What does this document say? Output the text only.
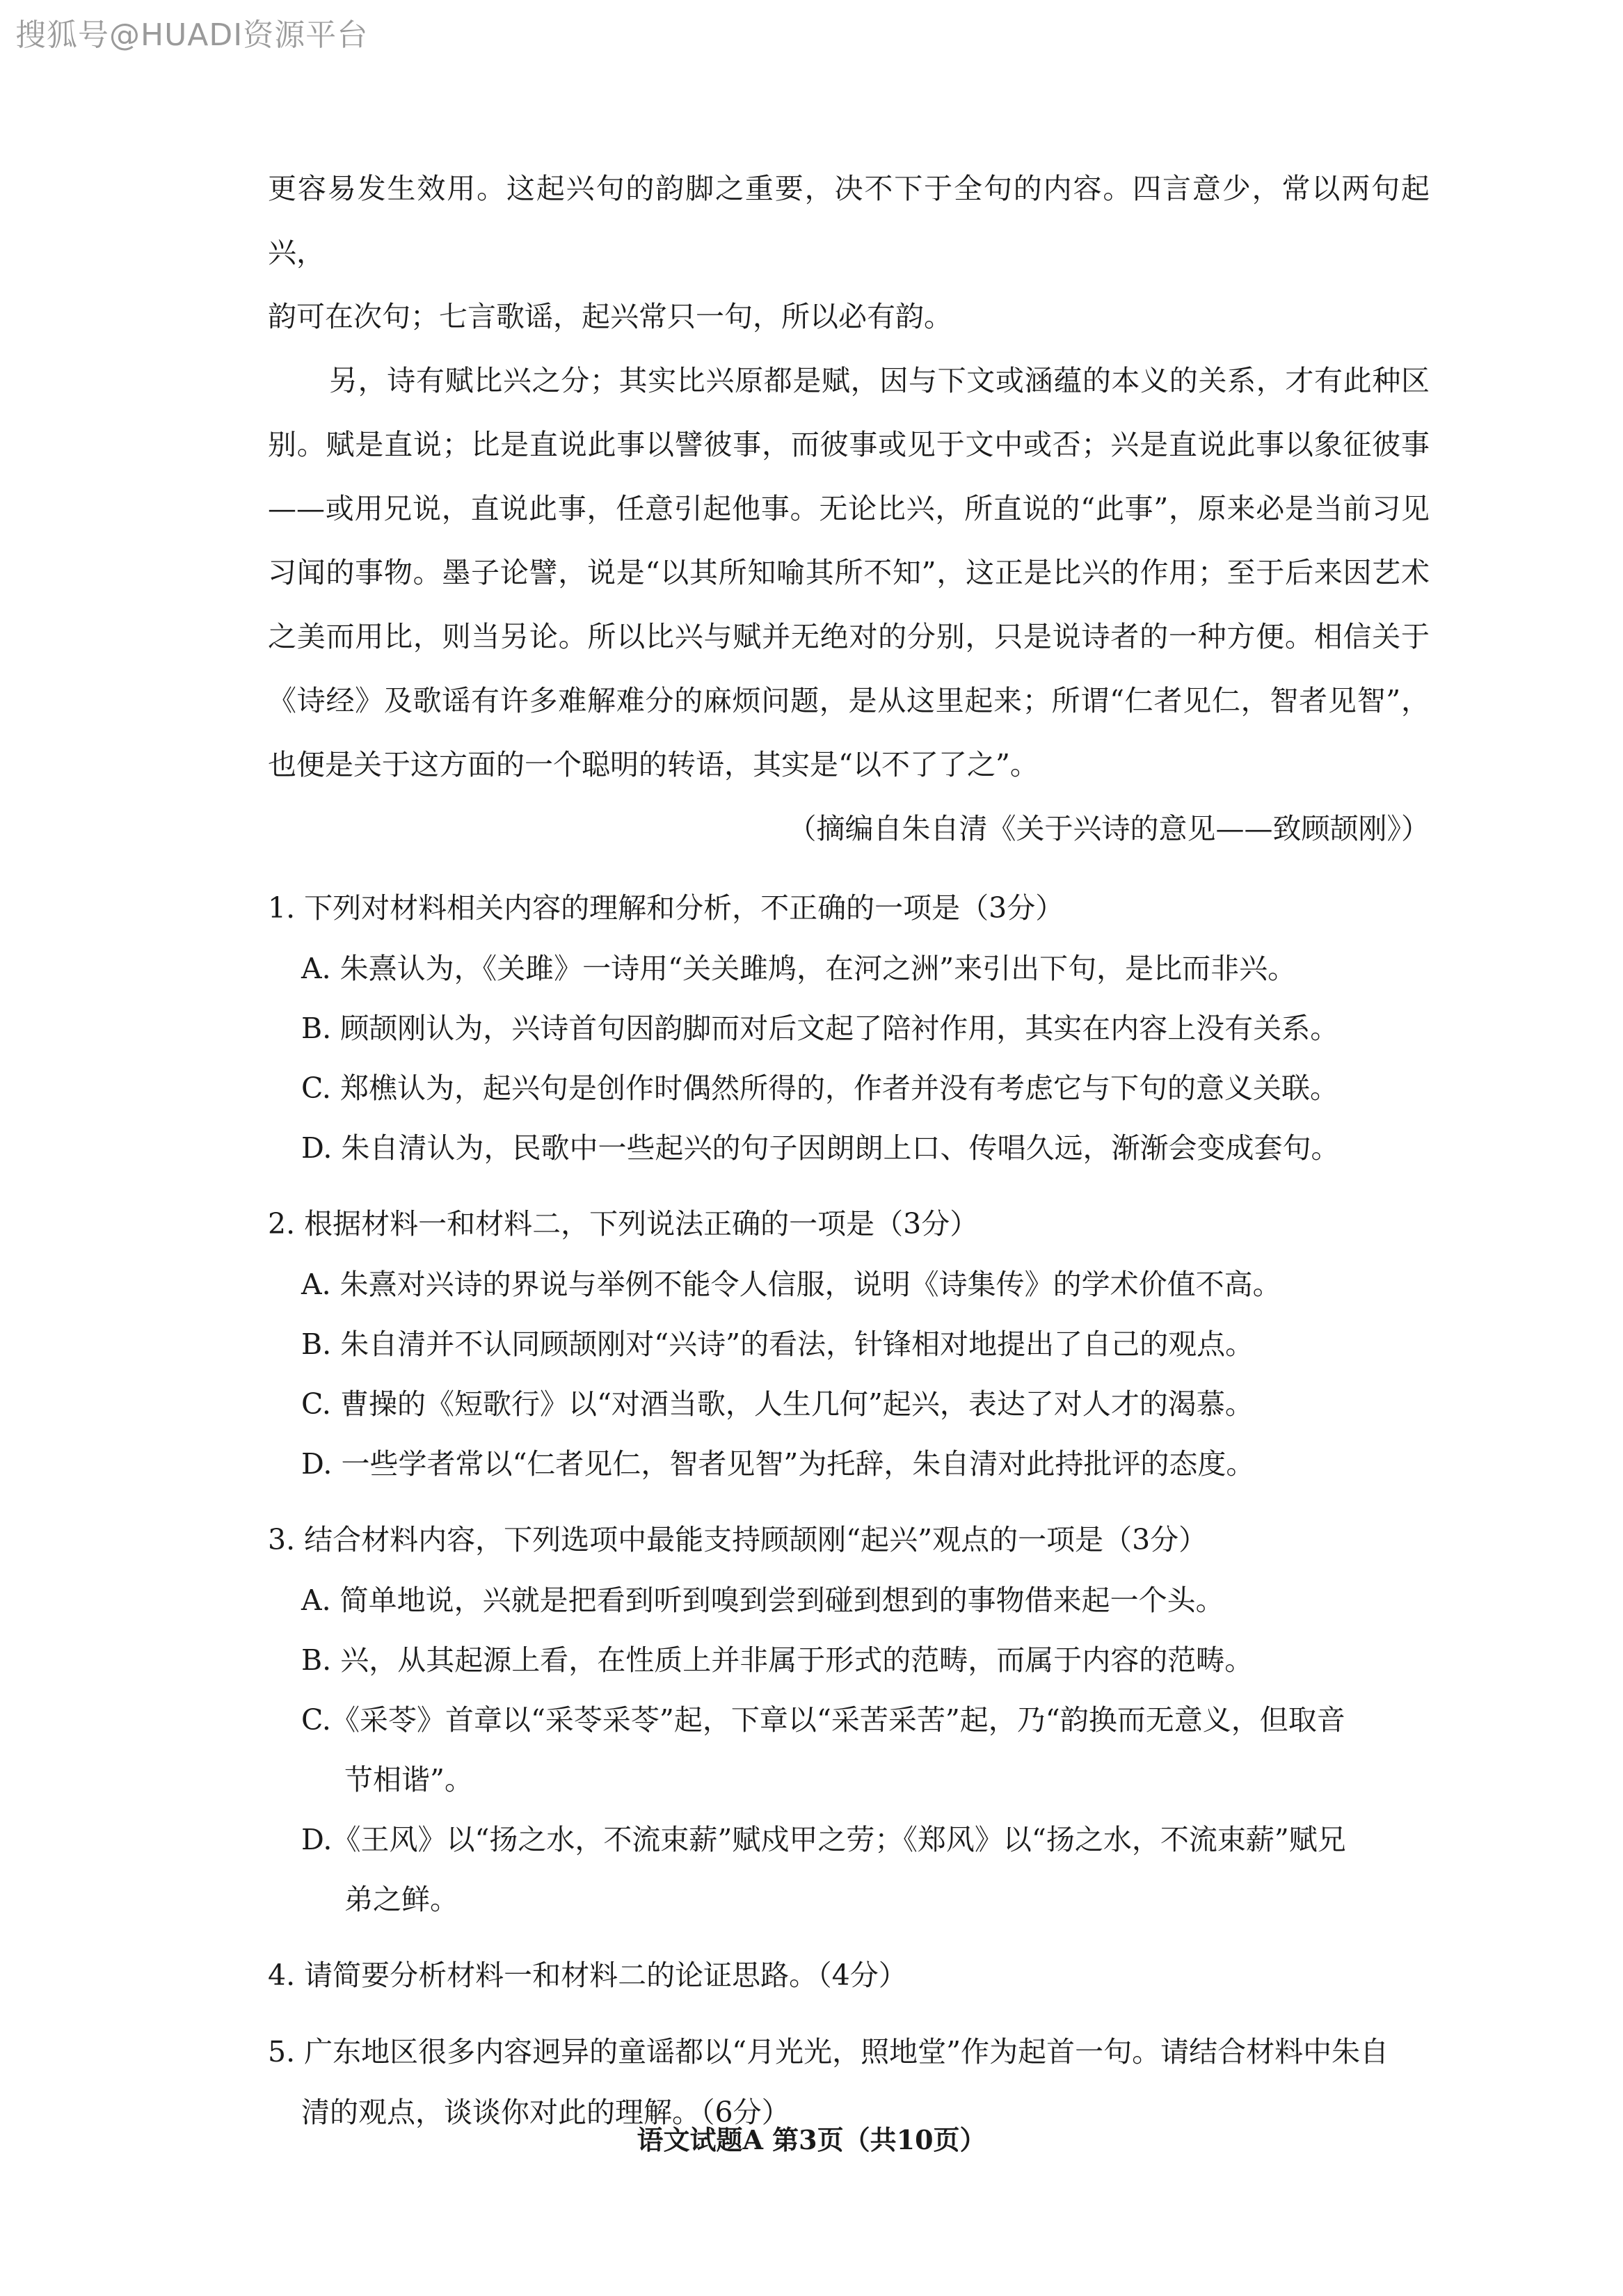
搜狐号@HUADI资源平台

更容易发生效用。这起兴句的韵脚之重要，决不下于全句的内容。四言意少，常以两句起兴，

韵可在次句；七言歌谣，起兴常只一句，所以必有韵。

另，诗有赋比兴之分；其实比兴原都是赋，因与下文或涵蕴的本义的关系，才有此种区别。赋是直说；比是直说此事以譬彼事，而彼事或见于文中或否；兴是直说此事以象征彼事——或用兄说，直说此事，任意引起他事。无论比兴，所直说的“此事”，原来必是当前习见习闻的事物。墨子论譬，说是“以其所知喻其所不知”，这正是比兴的作用；至于后来因艺术之美而用比，则当另论。所以比兴与赋并无绝对的分别，只是说诗者的一种方便。相信关于《诗经》及歌谣有许多难解难分的麻烦问题，是从这里起来；所谓“仁者见仁，智者见智”，也便是关于这方面的一个聪明的转语，其实是“以不了了之”。

（摘编自朱自清《关于兴诗的意见——致顾颉刚》）

1. 下列对材料相关内容的理解和分析，不正确的一项是（3分）

A. 朱熹认为，《关雎》一诗用“关关雎鸠，在河之洲”来引出下句，是比而非兴。

B. 顾颉刚认为，兴诗首句因韵脚而对后文起了陪衬作用，其实在内容上没有关系。

C. 郑樵认为，起兴句是创作时偶然所得的，作者并没有考虑它与下句的意义关联。

D. 朱自清认为，民歌中一些起兴的句子因朗朗上口、传唱久远，渐渐会变成套句。

2. 根据材料一和材料二，下列说法正确的一项是（3分）

A. 朱熹对兴诗的界说与举例不能令人信服，说明《诗集传》的学术价值不高。

B. 朱自清并不认同顾颉刚对“兴诗”的看法，针锋相对地提出了自己的观点。

C. 曹操的《短歌行》以“对酒当歌，人生几何”起兴，表达了对人才的渴慕。

D. 一些学者常以“仁者见仁，智者见智”为托辞，朱自清对此持批评的态度。

3. 结合材料内容，下列选项中最能支持顾颉刚“起兴”观点的一项是（3分）

A. 简单地说，兴就是把看到听到嗅到尝到碰到想到的事物借来起一个头。

B. 兴，从其起源上看，在性质上并非属于形式的范畴，而属于内容的范畴。

C.《采苓》首章以“采苓采苓”起，下章以“采苦采苦”起，乃“韵换而无意义，但取音

节相谐”。

D.《王风》以“扬之水，不流束薪”赋戍甲之劳；《郑风》以“扬之水，不流束薪”赋兄

弟之鲜。

4. 请简要分析材料一和材料二的论证思路。（4分）

5. 广东地区很多内容迥异的童谣都以“月光光，照地堂”作为起首一句。请结合材料中朱自

清的观点，谈谈你对此的理解。（6分）

语文试题A 第3页（共10页）
